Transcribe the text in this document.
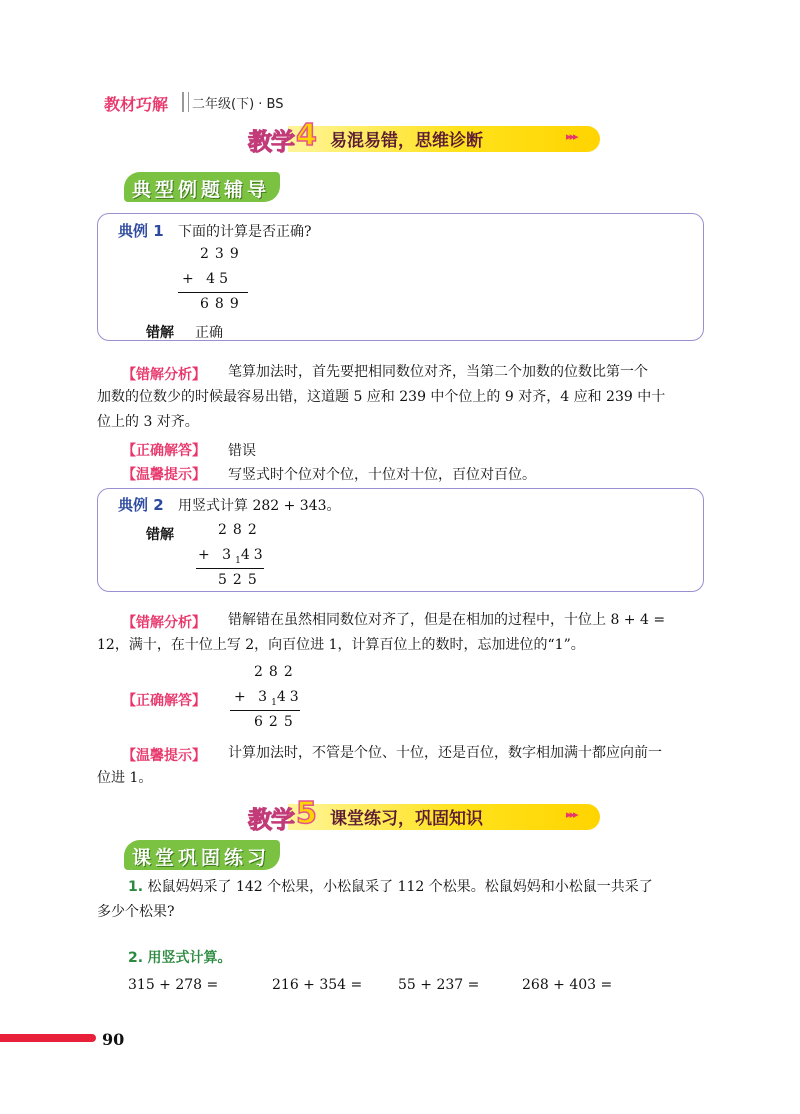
教材巧解 二年级(下) · BS
教学 4 易混易错，思维诊断	▸▸▸
典型例题辅导
典例 1 下面的计算是否正确?
239
+ 45
689
错解 正确
【错解分析】 笔算加法时，首先要把相同数位对齐，当第二个加数的位数比第一个
加数的位数少的时候最容易出错，这道题 5 应和 239 中个位上的 9 对齐，4 应和 239 中十
位上的 3 对齐。
【正确解答】 错误
【温馨提示】 写竖式时个位对个位，十位对十位，百位对百位。
典例 2 用竖式计算 282 + 343。
错解	282
+ $3_143$
525
【错解分析】 错解错在虽然相同数位对齐了，但是在相加的过程中，十位上 8 + 4 =
12，满十，在十位上写 2，向百位进 1，计算百位上的数时，忘加进位的“1”。
282
【正确解答】 + $3_143$
625
【温馨提示】 计算加法时，不管是个位、十位，还是百位，数字相加满十都应向前一
位进 1。
教学 5 课堂练习，巩固知识	▸▸▸
课堂巩固练习
1. 松鼠妈妈采了 142 个松果，小松鼠采了 112 个松果。松鼠妈妈和小松鼠一共采了
多少个松果?
2. 用竖式计算。
315 + 278 =	216 + 354 =	55 + 237 =	268 + 403 =
90
